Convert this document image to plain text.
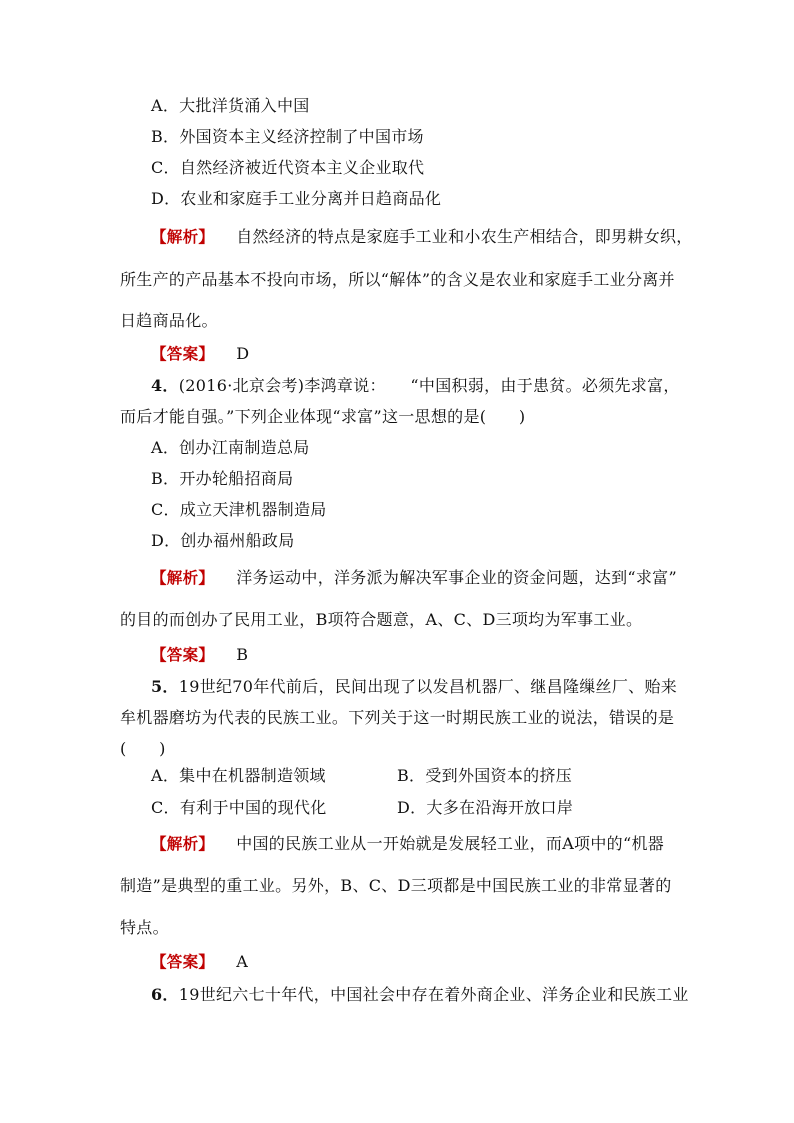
A．大批洋货涌入中国
B．外国资本主义经济控制了中国市场
C．自然经济被近代资本主义企业取代
D．农业和家庭手工业分离并日趋商品化
【解析】 自然经济的特点是家庭手工业和小农生产相结合，即男耕女织，
所生产的产品基本不投向市场，所以“解体”的含义是农业和家庭手工业分离并
日趋商品化。
【答案】 D
4．(2016·北京会考)李鸿章说：　　“中国积弱，由于患贫。必须先求富，
而后才能自强。”下列企业体现“求富”这一思想的是(　　)
A．创办江南制造总局
B．开办轮船招商局
C．成立天津机器制造局
D．创办福州船政局
【解析】 洋务运动中，洋务派为解决军事企业的资金问题，达到“求富”
的目的而创办了民用工业，B项符合题意，A、C、D三项均为军事工业。
【答案】 B
5．19世纪70年代前后，民间出现了以发昌机器厂、继昌隆缫丝厂、贻来
牟机器磨坊为代表的民族工业。下列关于这一时期民族工业的说法，错误的是
(　　)
A．集中在机器制造领域	B．受到外国资本的挤压
C．有利于中国的现代化	D．大多在沿海开放口岸
【解析】 中国的民族工业从一开始就是发展轻工业，而A项中的“机器
制造”是典型的重工业。另外，B、C、D三项都是中国民族工业的非常显著的
特点。
【答案】 A
6．19世纪六七十年代，中国社会中存在着外商企业、洋务企业和民族工业
